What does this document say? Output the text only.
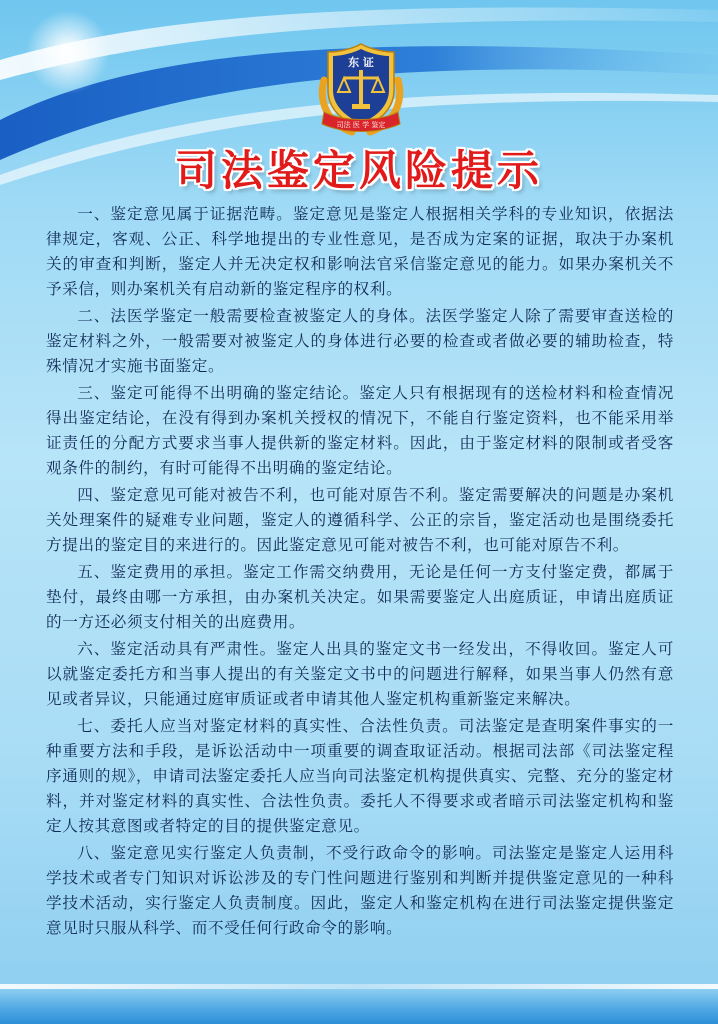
东 证
司法 医 学 鉴定
司法鉴定风险提示

一、鉴定意见属于证据范畴。鉴定意见是鉴定人根据相关学科的专业知识，依据法律规定，客观、公正、科学地提出的专业性意见，是否成为定案的证据，取决于办案机关的审查和判断，鉴定人并无决定权和影响法官采信鉴定意见的能力。如果办案机关不予采信，则办案机关有启动新的鉴定程序的权利。

二、法医学鉴定一般需要检查被鉴定人的身体。法医学鉴定人除了需要审查送检的鉴定材料之外，一般需要对被鉴定人的身体进行必要的检查或者做必要的辅助检查，特殊情况才实施书面鉴定。

三、鉴定可能得不出明确的鉴定结论。鉴定人只有根据现有的送检材料和检查情况得出鉴定结论，在没有得到办案机关授权的情况下，不能自行鉴定资料，也不能采用举证责任的分配方式要求当事人提供新的鉴定材料。因此，由于鉴定材料的限制或者受客观条件的制约，有时可能得不出明确的鉴定结论。

四、鉴定意见可能对被告不利，也可能对原告不利。鉴定需要解决的问题是办案机关处理案件的疑难专业问题，鉴定人的遵循科学、公正的宗旨，鉴定活动也是围绕委托方提出的鉴定目的来进行的。因此鉴定意见可能对被告不利，也可能对原告不利。

五、鉴定费用的承担。鉴定工作需交纳费用，无论是任何一方支付鉴定费，都属于垫付，最终由哪一方承担，由办案机关决定。如果需要鉴定人出庭质证，申请出庭质证的一方还必须支付相关的出庭费用。

六、鉴定活动具有严肃性。鉴定人出具的鉴定文书一经发出，不得收回。鉴定人可以就鉴定委托方和当事人提出的有关鉴定文书中的问题进行解释，如果当事人仍然有意见或者异议，只能通过庭审质证或者申请其他人鉴定机构重新鉴定来解决。

七、委托人应当对鉴定材料的真实性、合法性负责。司法鉴定是查明案件事实的一种重要方法和手段，是诉讼活动中一项重要的调查取证活动。根据司法部《司法鉴定程序通则的规》，申请司法鉴定委托人应当向司法鉴定机构提供真实、完整、充分的鉴定材料，并对鉴定材料的真实性、合法性负责。委托人不得要求或者暗示司法鉴定机构和鉴定人按其意图或者特定的目的提供鉴定意见。

八、鉴定意见实行鉴定人负责制，不受行政命令的影响。司法鉴定是鉴定人运用科学技术或者专门知识对诉讼涉及的专门性问题进行鉴别和判断并提供鉴定意见的一种科学技术活动，实行鉴定人负责制度。因此，鉴定人和鉴定机构在进行司法鉴定提供鉴定意见时只服从科学、而不受任何行政命令的影响。
